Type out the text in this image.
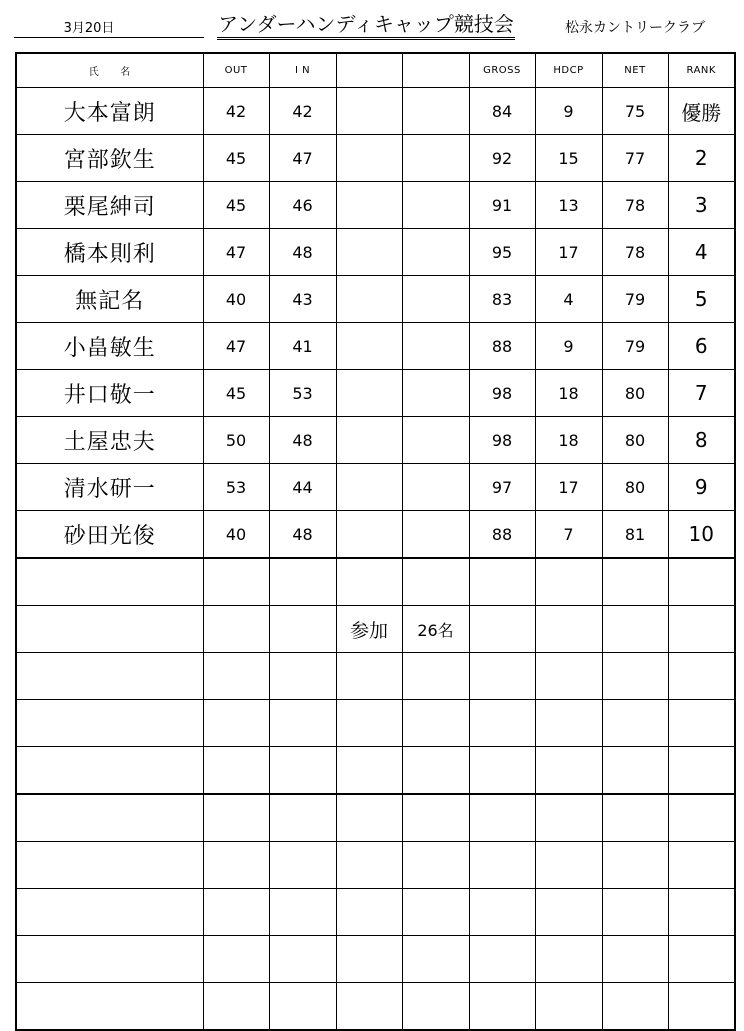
3月20日	アンダーハンディキャップ競技会	松永カントリークラブ
氏　　名	OUT	I N			GROSS	HDCP	NET	RANK
大本富朗	42	42			84	9	75	優勝
宮部欽生	45	47			92	15	77	2
栗尾紳司	45	46			91	13	78	3
橋本則利	47	48			95	17	78	4
無記名	40	43			83	4	79	5
小畠敏生	47	41			88	9	79	6
井口敬一	45	53			98	18	80	7
土屋忠夫	50	48			98	18	80	8
清水研一	53	44			97	17	80	9
砂田光俊	40	48			88	7	81	10

			参加	26名				
